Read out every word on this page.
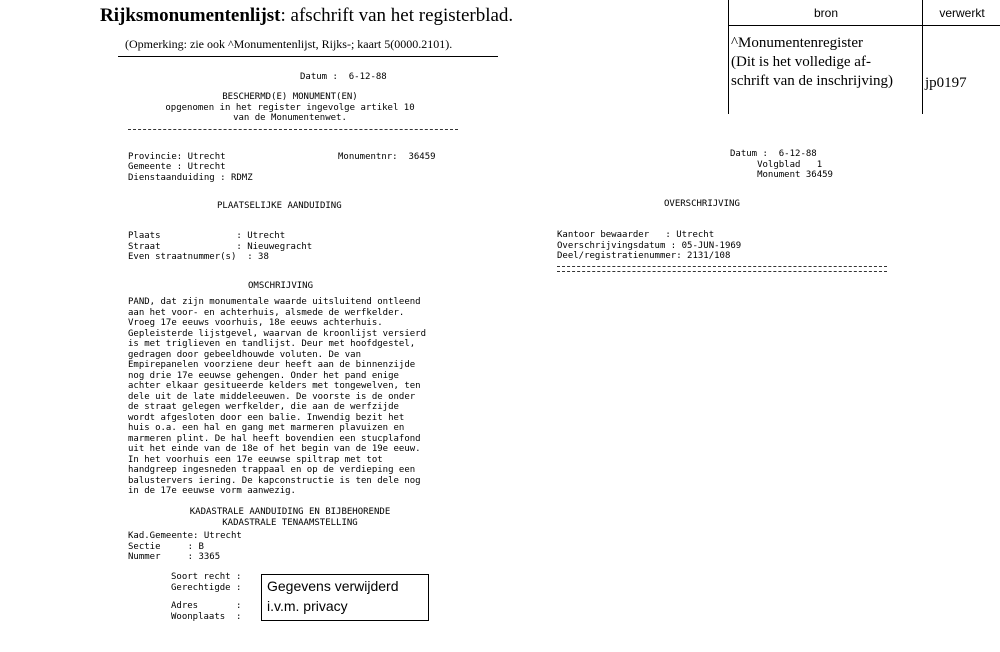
Rijksmonumentenlijst: afschrift van het registerblad.
(Opmerking: zie ook ^Monumentenlijst, Rijks-; kaart 5(0000.2101).
bron	verwerkt
^Monumentenregister
(Dit is het volledige af-
schrift van de inschrijving) jp0197
Datum :  6-12-88
BESCHERMD(E) MONUMENT(EN)
opgenomen in het register ingevolge artikel 10
van de Monumentenwet.
Provincie: Utrecht	Monumentnr:  36459
Gemeente : Utrecht
Dienstaanduiding : RDMZ
PLAATSELIJKE AANDUIDING
Plaats              : Utrecht
Straat              : Nieuwegracht
Even straatnummer(s)  : 38
OMSCHRIJVING
PAND, dat zijn monumentale waarde uitsluitend ontleend
aan het voor- en achterhuis, alsmede de werfkelder.
Vroeg 17e eeuws voorhuis, 18e eeuws achterhuis.
Gepleisterde lijstgevel, waarvan de kroonlijst versierd
is met triglieven en tandlijst. Deur met hoofdgestel,
gedragen door gebeeldhouwde voluten. De van
Empirepanelen voorziene deur heeft aan de binnenzijde
nog drie 17e eeuwse gehengen. Onder het pand enige
achter elkaar gesitueerde kelders met tongewelven, ten
dele uit de late middeleeuwen. De voorste is de onder
de straat gelegen werfkelder, die aan de werfzijde
wordt afgesloten door een balie. Inwendig bezit het
huis o.a. een hal en gang met marmeren plavuizen en
marmeren plint. De hal heeft bovendien een stucplafond
uit het einde van de 18e of het begin van de 19e eeuw.
In het voorhuis een 17e eeuwse spiltrap met tot
handgreep ingesneden trappaal en op de verdieping een
balustervers iering. De kapconstructie is ten dele nog
in de 17e eeuwse vorm aanwezig.
KADASTRALE AANDUIDING EN BIJBEHORENDE
KADASTRALE TENAAMSTELLING
Kad.Gemeente: Utrecht
Sectie     : B
Nummer     : 3365
Soort recht :
Gerechtigde :
Adres       :
Woonplaats  :
Gegevens verwijderd
i.v.m. privacy
Datum :  6-12-88
Volgblad   1
Monument 36459
OVERSCHRIJVING
Kantoor bewaarder   : Utrecht
Overschrijvingsdatum : 05-JUN-1969
Deel/registratienummer: 2131/108
